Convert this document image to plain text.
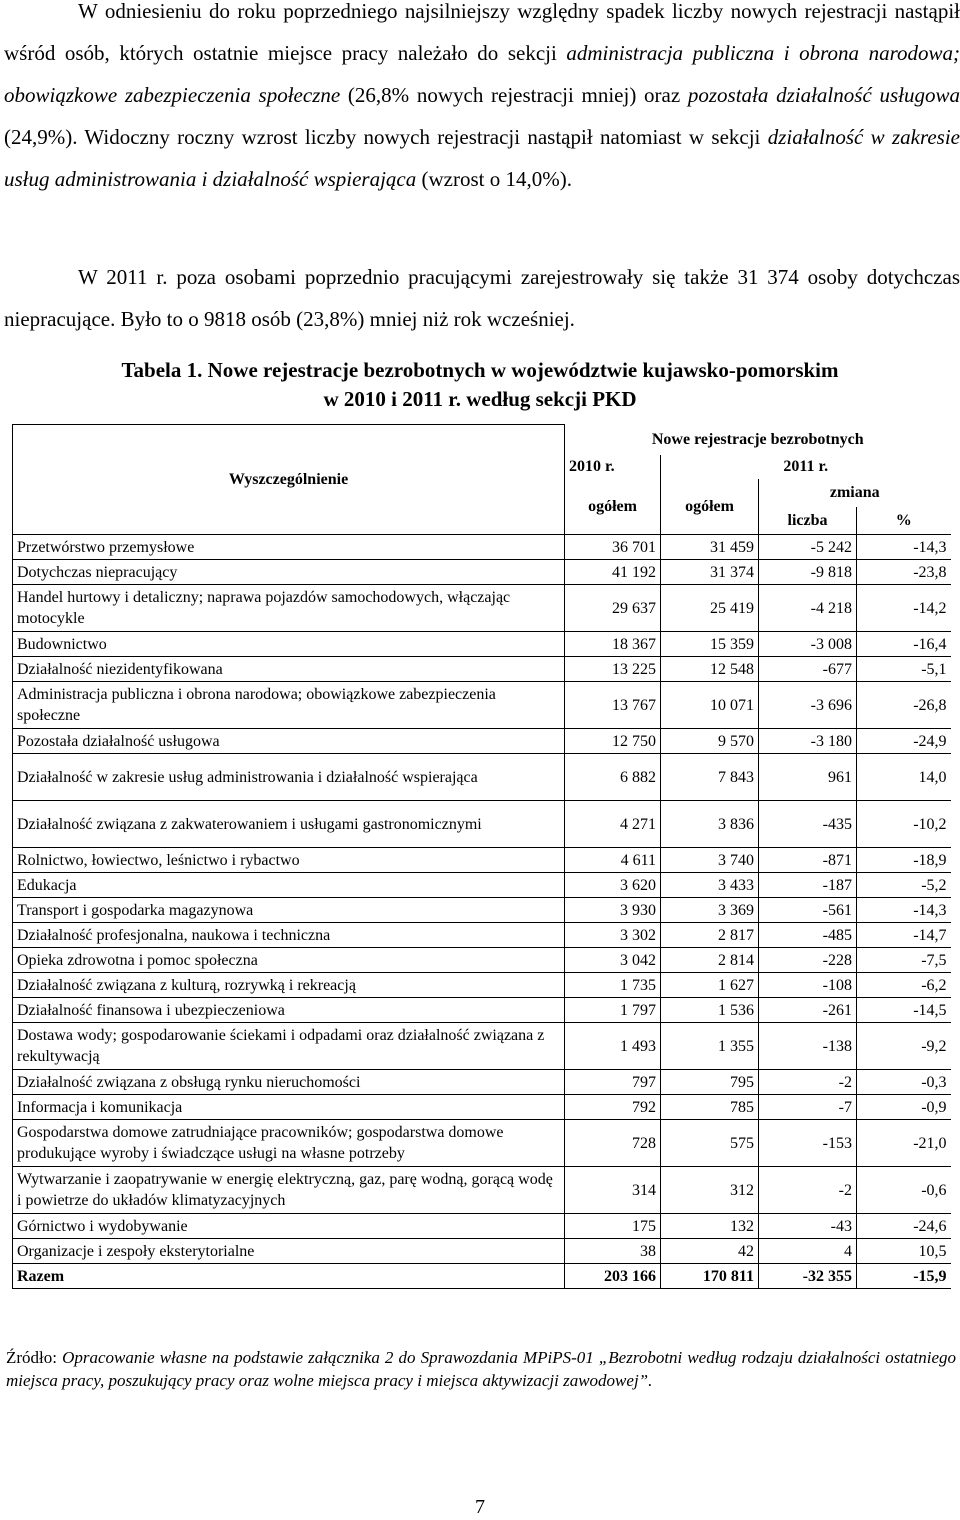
W odniesieniu do roku poprzedniego najsilniejszy względny spadek liczby nowych rejestracji nastąpił wśród osób, których ostatnie miejsce pracy należało do sekcji administracja publiczna i obrona narodowa; obowiązkowe zabezpieczenia społeczne (26,8% nowych rejestracji mniej) oraz pozostała działalność usługowa (24,9%). Widoczny roczny wzrost liczby nowych rejestracji nastąpił natomiast w sekcji działalność w zakresie usług administrowania i działalność wspierająca (wzrost o 14,0%).

W 2011 r. poza osobami poprzednio pracującymi zarejestrowały się także 31 374 osoby dotychczas niepracujące. Było to o 9818 osób (23,8%) mniej niż rok wcześniej.

Tabela 1. Nowe rejestracje bezrobotnych w województwie kujawsko-pomorskim
w 2010 i 2011 r. według sekcji PKD
Wyszczególnienie	Nowe rejestracje bezrobotnych			
	2010 r.	2011 r.		
	ogółem	ogółem	zmiana	
			liczba	%
Przetwórstwo przemysłowe	36 701	31 459	-5 242	-14,3
Dotychczas niepracujący	41 192	31 374	-9 818	-23,8
Handel hurtowy i detaliczny; naprawa pojazdów samochodowych, włączając motocykle	29 637	25 419	-4 218	-14,2
Budownictwo	18 367	15 359	-3 008	-16,4
Działalność niezidentyfikowana	13 225	12 548	-677	-5,1
Administracja publiczna i obrona narodowa; obowiązkowe zabezpieczenia społeczne	13 767	10 071	-3 696	-26,8
Pozostała działalność usługowa	12 750	9 570	-3 180	-24,9
Działalność w zakresie usług administrowania i działalność wspierająca	6 882	7 843	961	14,0
Działalność związana z zakwaterowaniem i usługami gastronomicznymi	4 271	3 836	-435	-10,2
Rolnictwo, łowiectwo, leśnictwo i rybactwo	4 611	3 740	-871	-18,9
Edukacja	3 620	3 433	-187	-5,2
Transport i gospodarka magazynowa	3 930	3 369	-561	-14,3
Działalność profesjonalna, naukowa i techniczna	3 302	2 817	-485	-14,7
Opieka zdrowotna i pomoc społeczna	3 042	2 814	-228	-7,5
Działalność związana z kulturą, rozrywką i rekreacją	1 735	1 627	-108	-6,2
Działalność finansowa i ubezpieczeniowa	1 797	1 536	-261	-14,5
Dostawa wody; gospodarowanie ściekami i odpadami oraz działalność związana z rekultywacją	1 493	1 355	-138	-9,2
Działalność związana z obsługą rynku nieruchomości	797	795	-2	-0,3
Informacja i komunikacja	792	785	-7	-0,9
Gospodarstwa domowe zatrudniające pracowników; gospodarstwa domowe produkujące wyroby i świadczące usługi na własne potrzeby	728	575	-153	-21,0
Wytwarzanie i zaopatrywanie w energię elektryczną, gaz, parę wodną, gorącą wodę i powietrze do układów klimatyzacyjnych	314	312	-2	-0,6
Górnictwo i wydobywanie	175	132	-43	-24,6
Organizacje i zespoły eksterytorialne	38	42	4	10,5
Razem	203 166	170 811	-32 355	-15,9
Źródło: Opracowanie własne na podstawie załącznika 2 do Sprawozdania MPiPS-01 „Bezrobotni według rodzaju działalności ostatniego miejsca pracy, poszukujący pracy oraz wolne miejsca pracy i miejsca aktywizacji zawodowej”.
7
